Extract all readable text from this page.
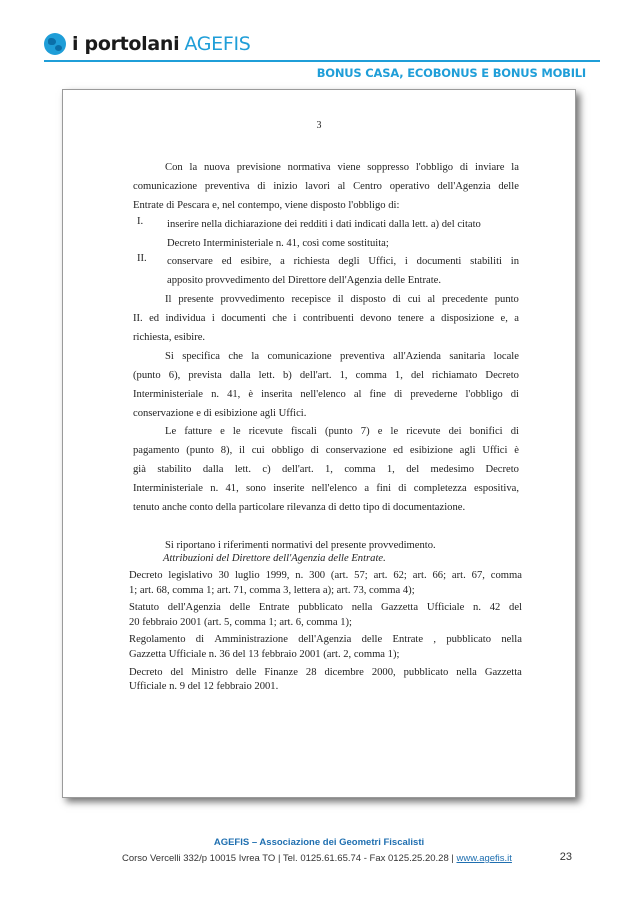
i portolani AGEFIS
BONUS CASA, ECOBONUS E BONUS MOBILI
3
Con la nuova previsione normativa viene soppresso l'obbligo di inviare la
comunicazione preventiva di inizio lavori al Centro operativo dell'Agenzia delle
Entrate di Pescara e, nel contempo, viene disposto l'obbligo di:
I. inserire nella dichiarazione dei redditi i dati indicati dalla lett. a) del citato
Decreto Interministeriale n. 41, così come sostituita;
II. conservare ed esibire, a richiesta degli Uffici, i documenti stabiliti in
apposito provvedimento del Direttore dell'Agenzia delle Entrate.
Il presente provvedimento recepisce il disposto di cui al precedente punto
II. ed individua i documenti che i contribuenti devono tenere a disposizione e, a
richiesta, esibire.
Si specifica che la comunicazione preventiva all'Azienda sanitaria locale
(punto 6), prevista dalla lett. b) dell'art. 1, comma 1, del richiamato Decreto
Interministeriale n. 41, è inserita nell'elenco al fine di prevederne l'obbligo di
conservazione e di esibizione agli Uffici.
Le fatture e le ricevute fiscali (punto 7) e le ricevute dei bonifici di
pagamento (punto 8), il cui obbligo di conservazione ed esibizione agli Uffici è
già stabilito dalla lett. c) dell'art. 1, comma 1, del medesimo Decreto
Interministeriale n. 41, sono inserite nell'elenco a fini di completezza espositiva,
tenuto anche conto della particolare rilevanza di detto tipo di documentazione.
Si riportano i riferimenti normativi del presente provvedimento.
Attribuzioni del Direttore dell'Agenzia delle Entrate.
Decreto legislativo 30 luglio 1999, n. 300 (art. 57; art. 62; art. 66; art. 67, comma
1; art. 68, comma 1; art. 71, comma 3, lettera a); art. 73, comma 4);
Statuto dell'Agenzia delle Entrate pubblicato nella Gazzetta Ufficiale n. 42 del
20 febbraio 2001 (art. 5, comma 1; art. 6, comma 1);
Regolamento di Amministrazione dell'Agenzia delle Entrate , pubblicato nella
Gazzetta Ufficiale n. 36 del 13 febbraio 2001 (art. 2, comma 1);
Decreto del Ministro delle Finanze 28 dicembre 2000, pubblicato nella Gazzetta
Ufficiale n. 9 del 12 febbraio 2001.
AGEFIS – Associazione dei Geometri Fiscalisti
Corso Vercelli 332/p 10015 Ivrea TO | Tel. 0125.61.65.74 - Fax 0125.25.20.28 | www.agefis.it	23
